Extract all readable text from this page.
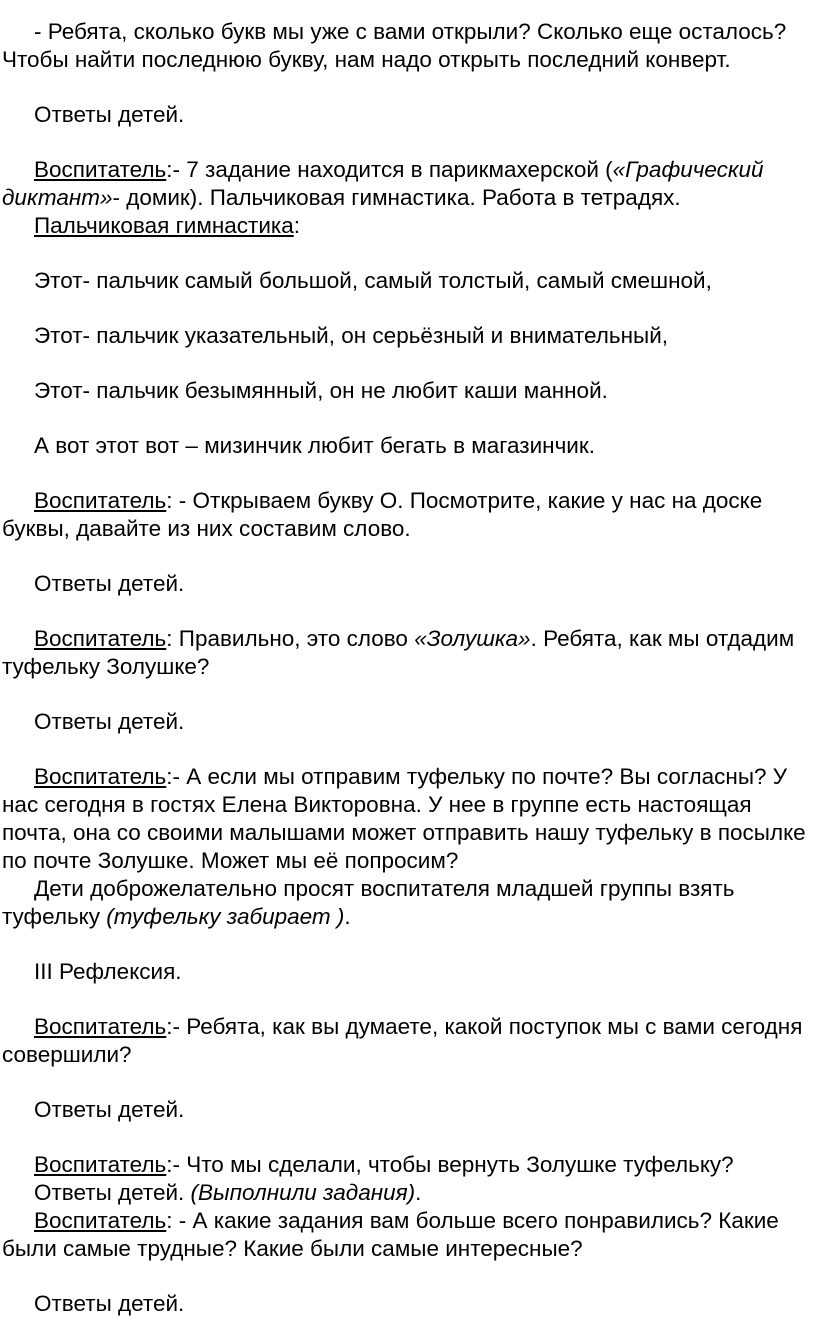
- Ребята, сколько букв мы уже с вами открыли? Сколько еще осталось? Чтобы найти последнюю букву, нам надо открыть последний конверт.

Ответы детей.

Воспитатель:- 7 задание находится в парикмахерской («Графический диктант»- домик). Пальчиковая гимнастика. Работа в тетрадях.

Пальчиковая гимнастика:

Этот- пальчик самый большой, самый толстый, самый смешной,

Этот- пальчик указательный, он серьёзный и внимательный,

Этот- пальчик безымянный, он не любит каши манной.

А вот этот вот – мизинчик любит бегать в магазинчик.

Воспитатель: - Открываем букву О. Посмотрите, какие у нас на доске буквы, давайте из них составим слово.

Ответы детей.

Воспитатель: Правильно, это слово «Золушка». Ребята, как мы отдадим туфельку Золушке?

Ответы детей.

Воспитатель:- А если мы отправим туфельку по почте? Вы согласны? У нас сегодня в гостях Елена Викторовна. У нее в группе есть настоящая почта, она со своими малышами может отправить нашу туфельку в посылке по почте Золушке. Может мы её попросим?

Дети доброжелательно просят воспитателя младшей группы взять туфельку (туфельку забирает ).

III Рефлексия.

Воспитатель:- Ребята, как вы думаете, какой поступок мы с вами сегодня совершили?

Ответы детей.

Воспитатель:- Что мы сделали, чтобы вернуть Золушке туфельку?

Ответы детей. (Выполнили задания).

Воспитатель: - А какие задания вам больше всего понравились? Какие были самые трудные? Какие были самые интересные?

Ответы детей.
